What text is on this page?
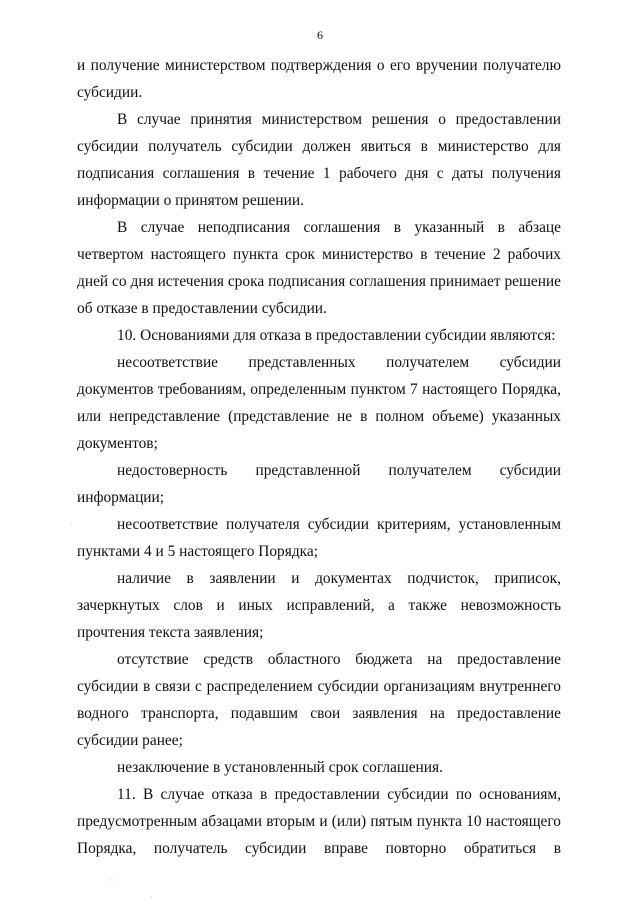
6

и получение министерством подтверждения о его вручении получателю субсидии.

В случае принятия министерством решения о предоставлении субсидии получатель субсидии должен явиться в министерство для подписания соглашения в течение 1 рабочего дня с даты получения информации о принятом решении.

В случае неподписания соглашения в указанный в абзаце четвертом настоящего пункта срок министерство в течение 2 рабочих дней со дня истечения срока подписания соглашения принимает решение об отказе в предоставлении субсидии.

10. Основаниями для отказа в предоставлении субсидии являются:

несоответствие представленных получателем субсидии документов требованиям, определенным пунктом 7 настоящего Порядка, или непредставление (представление не в полном объеме) указанных документов;

недостоверность представленной получателем субсидии информации;

несоответствие получателя субсидии критериям, установленным пунктами 4 и 5 настоящего Порядка;

наличие в заявлении и документах подчисток, приписок, зачеркнутых слов и иных исправлений, а также невозможность прочтения текста заявления;

отсутствие средств областного бюджета на предоставление субсидии в связи с распределением субсидии организациям внутреннего водного транспорта, подавшим свои заявления на предоставление субсидии ранее;

незаключение в установленный срок соглашения.

11. В случае отказа в предоставлении субсидии по основаниям, предусмотренным абзацами вторым и (или) пятым пункта 10 настоящего Порядка, получатель субсидии вправе повторно обратиться в

· ·
·
·
